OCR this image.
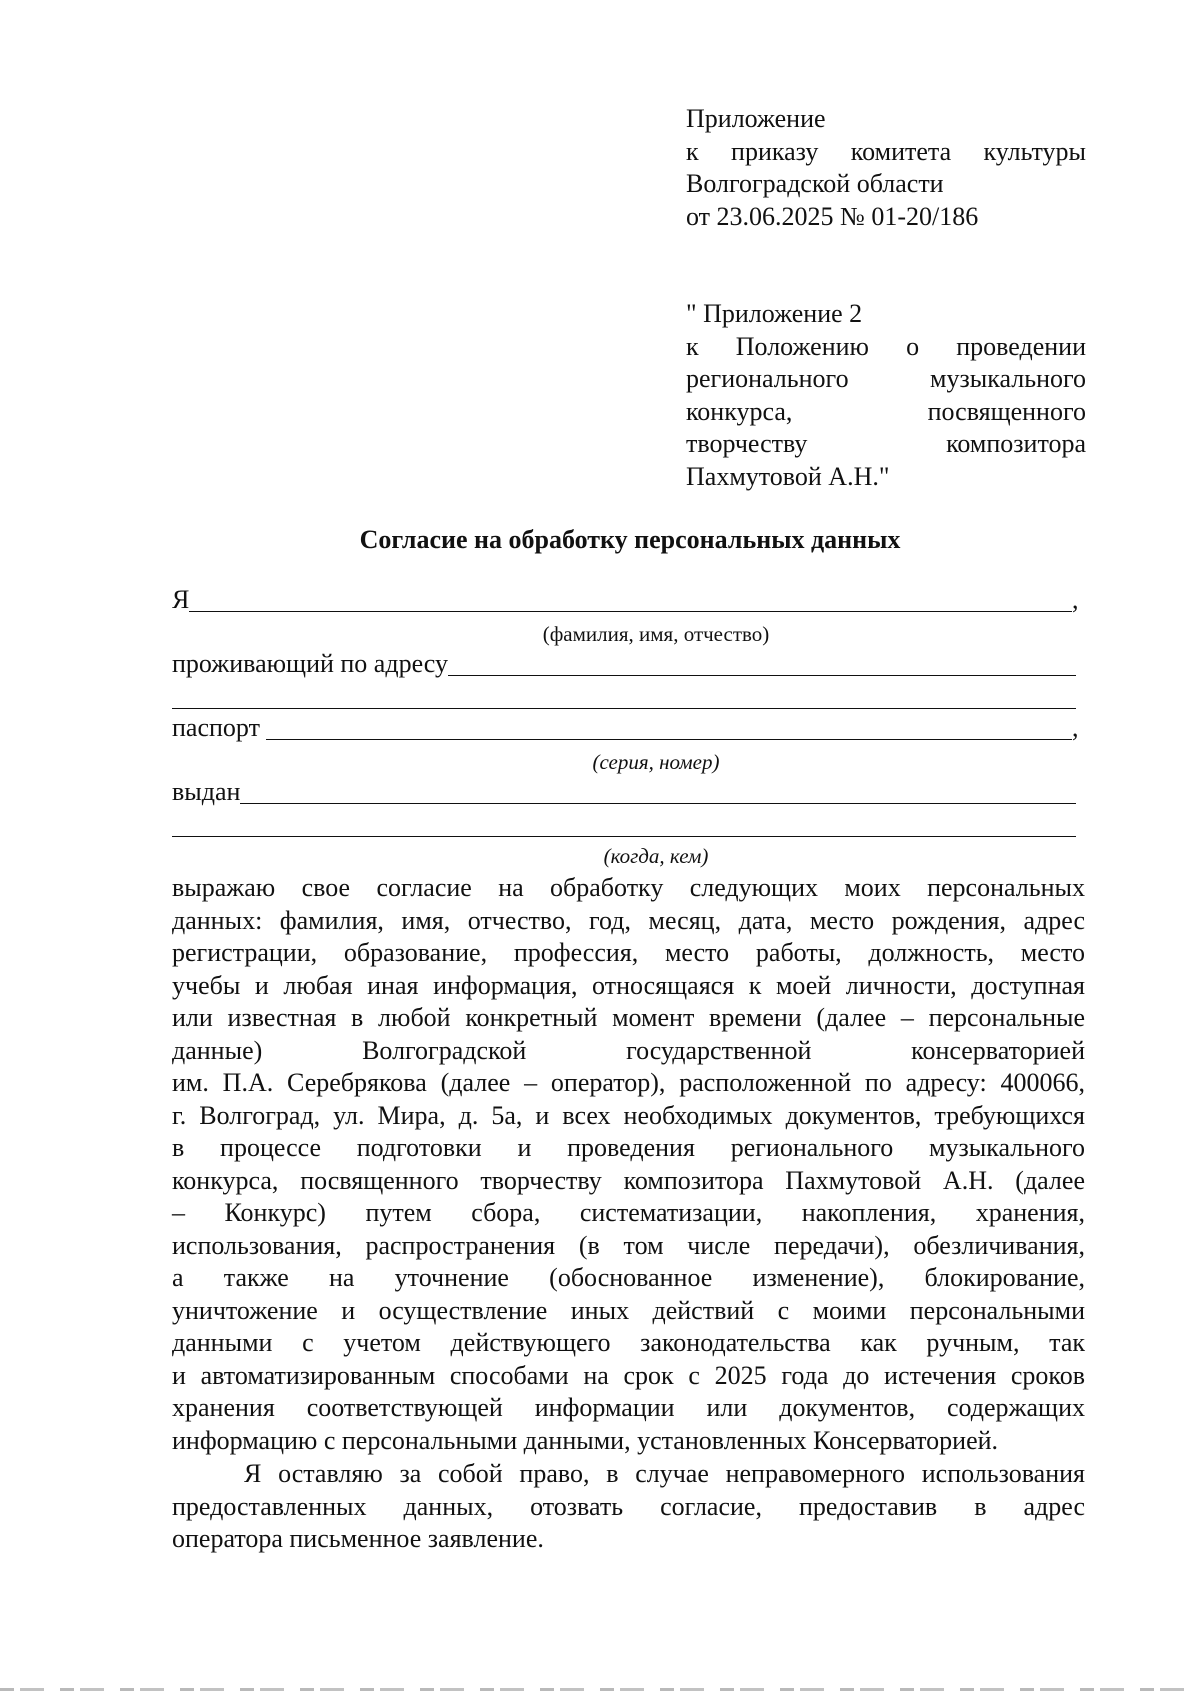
Приложение
к приказу комитета культуры
Волгоградской области
от 23.06.2025 № 01-20/186
" Приложение 2
к Положению о проведении
регионального музыкального
конкурса, посвященного
творчеству композитора
Пахмутовой А.Н."
Согласие на обработку персональных данных
Я	,
(фамилия, имя, отчество)
проживающий по адресу
паспорт	,
(серия, номер)
выдан
(когда, кем)
выражаю свое согласие на обработку следующих моих персональных
данных: фамилия, имя, отчество, год, месяц, дата, место рождения, адрес
регистрации, образование, профессия, место работы, должность, место
учебы и любая иная информация, относящаяся к моей личности, доступная
или известная в любой конкретный момент времени (далее – персональные
данные) Волгоградской государственной консерваторией
им. П.А. Серебрякова (далее – оператор), расположенной по адресу: 400066,
г. Волгоград, ул. Мира, д. 5а, и всех необходимых документов, требующихся
в процессе подготовки и проведения регионального музыкального
конкурса, посвященного творчеству композитора Пахмутовой А.Н. (далее
– Конкурс) путем сбора, систематизации, накопления, хранения,
использования, распространения (в том числе передачи), обезличивания,
а также на уточнение (обоснованное изменение), блокирование,
уничтожение и осуществление иных действий с моими персональными
данными с учетом действующего законодательства как ручным, так
и автоматизированным способами на срок с 2025 года до истечения сроков
хранения соответствующей информации или документов, содержащих
информацию с персональными данными, установленных Консерваторией.
Я оставляю за собой право, в случае неправомерного использования
предоставленных данных, отозвать согласие, предоставив в адрес
оператора письменное заявление.
